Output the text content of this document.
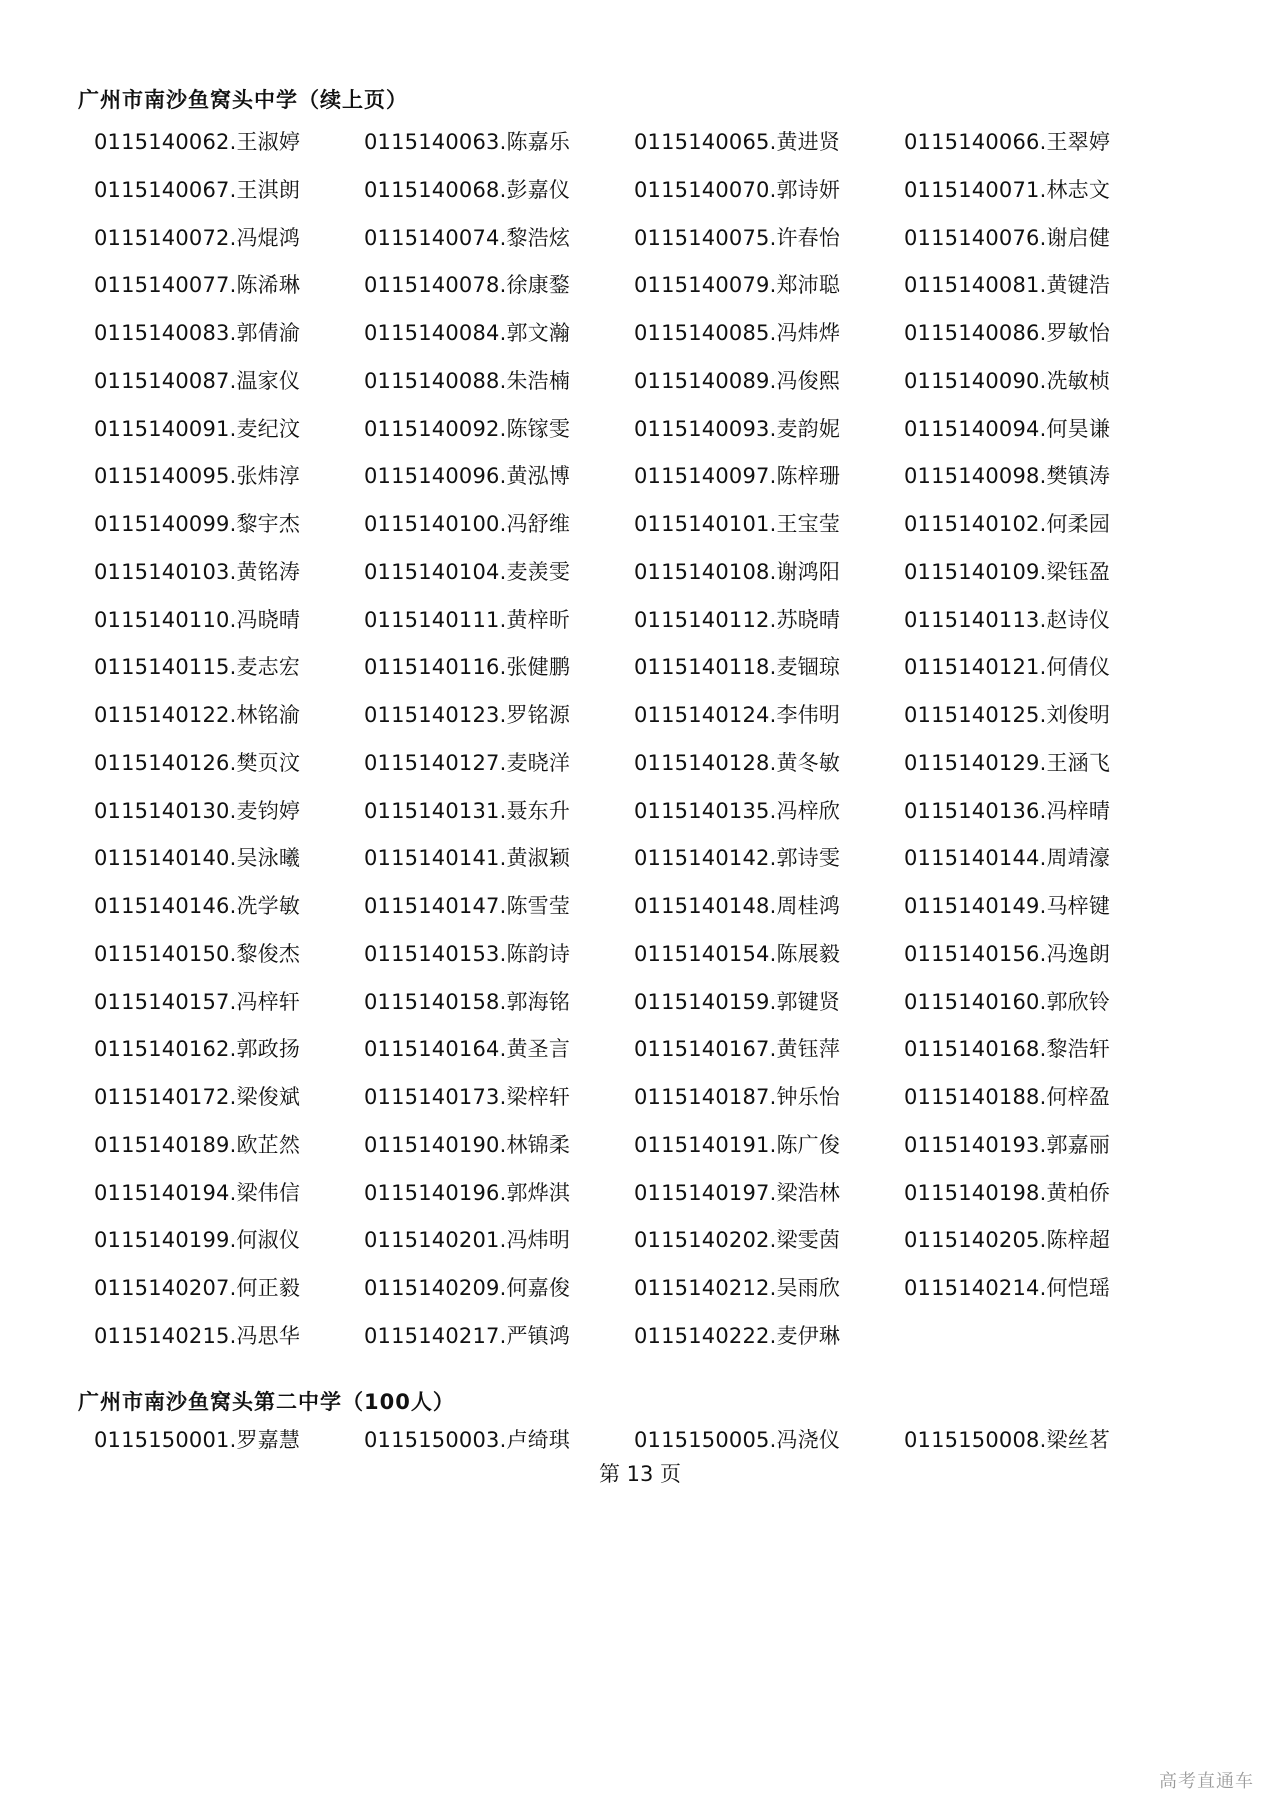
广州市南沙鱼窝头中学（续上页）
0115140062.王淑婷	0115140063.陈嘉乐	0115140065.黄进贤	0115140066.王翠婷
0115140067.王淇朗	0115140068.彭嘉仪	0115140070.郭诗妍	0115140071.林志文
0115140072.冯焜鸿	0115140074.黎浩炫	0115140075.许春怡	0115140076.谢启健
0115140077.陈浠琳	0115140078.徐康鍪	0115140079.郑沛聪	0115140081.黄键浩
0115140083.郭倩渝	0115140084.郭文瀚	0115140085.冯炜烨	0115140086.罗敏怡
0115140087.温家仪	0115140088.朱浩楠	0115140089.冯俊熙	0115140090.冼敏桢
0115140091.麦纪汶	0115140092.陈镓雯	0115140093.麦韵妮	0115140094.何昊谦
0115140095.张炜淳	0115140096.黄泓博	0115140097.陈梓珊	0115140098.樊镇涛
0115140099.黎宇杰	0115140100.冯舒维	0115140101.王宝莹	0115140102.何柔园
0115140103.黄铭涛	0115140104.麦羡雯	0115140108.谢鸿阳	0115140109.梁钰盈
0115140110.冯晓晴	0115140111.黄梓昕	0115140112.苏晓晴	0115140113.赵诗仪
0115140115.麦志宏	0115140116.张健鹏	0115140118.麦锢琼	0115140121.何倩仪
0115140122.林铭渝	0115140123.罗铭源	0115140124.李伟明	0115140125.刘俊明
0115140126.樊页汶	0115140127.麦晓洋	0115140128.黄冬敏	0115140129.王涵飞
0115140130.麦钧婷	0115140131.聂东升	0115140135.冯梓欣	0115140136.冯梓晴
0115140140.吴泳曦	0115140141.黄淑颖	0115140142.郭诗雯	0115140144.周靖濠
0115140146.冼学敏	0115140147.陈雪莹	0115140148.周桂鸿	0115140149.马梓键
0115140150.黎俊杰	0115140153.陈韵诗	0115140154.陈展毅	0115140156.冯逸朗
0115140157.冯梓轩	0115140158.郭海铭	0115140159.郭键贤	0115140160.郭欣铃
0115140162.郭政扬	0115140164.黄圣言	0115140167.黄钰萍	0115140168.黎浩轩
0115140172.梁俊斌	0115140173.梁梓轩	0115140187.钟乐怡	0115140188.何梓盈
0115140189.欧芷然	0115140190.林锦柔	0115140191.陈广俊	0115140193.郭嘉丽
0115140194.梁伟信	0115140196.郭烨淇	0115140197.梁浩林	0115140198.黄柏侨
0115140199.何淑仪	0115140201.冯炜明	0115140202.梁雯茵	0115140205.陈梓超
0115140207.何正毅	0115140209.何嘉俊	0115140212.吴雨欣	0115140214.何恺瑶
0115140215.冯思华	0115140217.严镇鸿	0115140222.麦伊琳
广州市南沙鱼窝头第二中学（100人）
0115150001.罗嘉慧	0115150003.卢绮琪	0115150005.冯浇仪	0115150008.梁丝茗
第 13 页
高考直通车
